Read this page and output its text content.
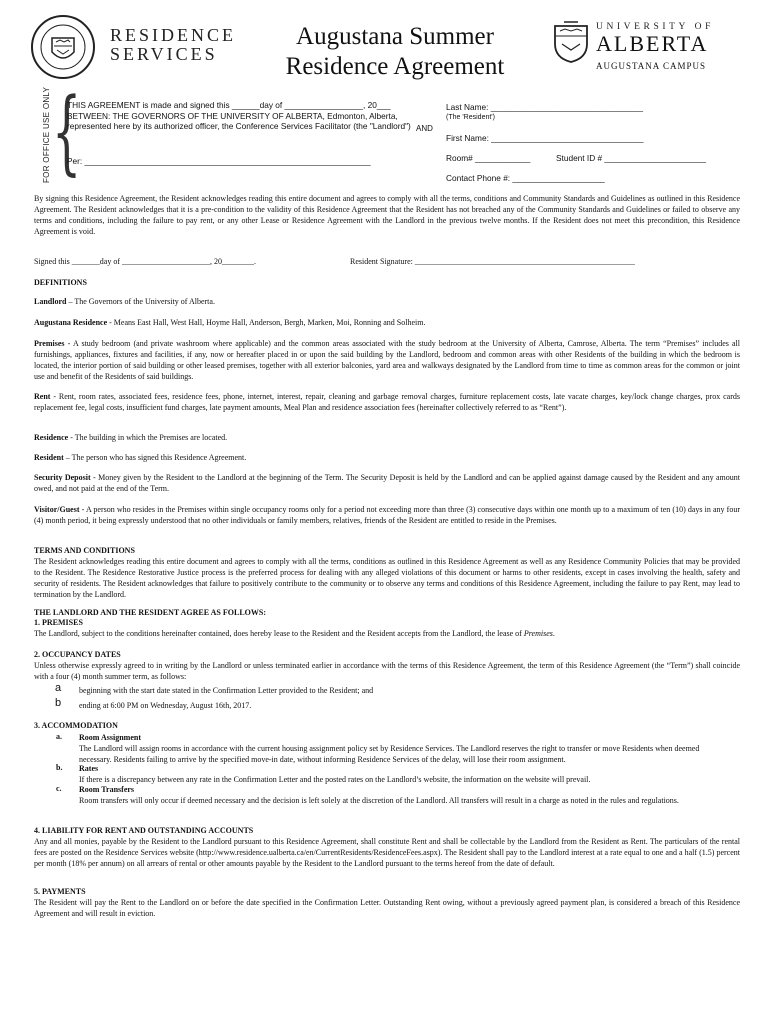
RESIDENCE
SERVICES
Augustana Summer
Residence Agreement
UNIVERSITY OF
ALBERTA
AUGUSTANA CAMPUS
FOR OFFICE USE ONLY {
THIS AGREEMENT is made and signed this ______day of _________________, 20___ BETWEEN: THE GOVERNORS OF THE UNIVERSITY OF ALBERTA, Edmonton, Alberta, represented here by its authorized officer, the Conference Services Facilitator (the "Landlord")
Per: ______________________________________________________________
AND
Last Name: _________________________________
(The 'Resident')
First Name: _________________________________
Room# ____________	Student ID # ______________________
Contact Phone #: ____________________
By signing this Residence Agreement, the Resident acknowledges reading this entire document and agrees to comply with all the terms, conditions and Community Standards and Guidelines as outlined in this Residence Agreement. The Resident acknowledges that it is a pre-condition to the validity of this Residence Agreement that the Resident has not breached any of the Community Standards and Guidelines or failed to observe any terms and conditions, including the failure to pay rent, or any other Lease or Residence Agreement with the Landlord in the previous twelve months. If the Resident does not meet this precondition, this Residence Agreement is void.
Signed this _______day of ______________________, 20________.	Resident Signature: _______________________________________________________
DEFINITIONS
Landlord – The Governors of the University of Alberta.
Augustana Residence - Means East Hall, West Hall, Hoyme Hall, Anderson, Bergh, Marken, Moi, Ronning and Solheim.
Premises - A study bedroom (and private washroom where applicable) and the common areas associated with the study bedroom at the University of Alberta, Camrose, Alberta. The term “Premises” includes all furnishings, appliances, fixtures and facilities, if any, now or hereafter placed in or upon the said building by the Landlord, bedroom and common areas with other Residents of the building in which the bedroom is located, the interior portion of said building or other leased premises, together with all exterior balconies, yard area and walkways designated by the Landlord from time to time as common areas for the common or joint use and benefit of the Residents of said buildings.
Rent - Rent, room rates, associated fees, residence fees, phone, internet, interest, repair, cleaning and garbage removal charges, furniture replacement costs, late vacate charges, key/lock change charges, prox cards replacement fee, legal costs, insufficient fund charges, late payment amounts, Meal Plan and residence association fees (hereinafter collectively referred to as “Rent”).
Residence - The building in which the Premises are located.
Resident – The person who has signed this Residence Agreement.
Security Deposit - Money given by the Resident to the Landlord at the beginning of the Term. The Security Deposit is held by the Landlord and can be applied against damage caused by the Resident and any amount owed, and not paid at the end of the Term.
Visitor/Guest - A person who resides in the Premises within single occupancy rooms only for a period not exceeding more than three (3) consecutive days within one month up to a maximum of ten (10) days in any four (4) month period, it being expressly understood that no other individuals or family members, relatives, friends of the Resident are entitled to reside in the Premises.
TERMS AND CONDITIONS
The Resident acknowledges reading this entire document and agrees to comply with all the terms, conditions as outlined in this Residence Agreement as well as any Residence Community Policies that may be provided to the Resident. The Residence Restorative Justice process is the preferred process for dealing with any alleged violations of this document or harms to other residents, except in cases involving the health, safety and security of residents. The Resident acknowledges that failure to positively contribute to the community or to observe any terms and conditions of this Residence Agreement, including the failure to pay Rent, may lead to termination by the Landlord.
THE LANDLORD AND THE RESIDENT AGREE AS FOLLOWS:
1. PREMISES
The Landlord, subject to the conditions hereinafter contained, does hereby lease to the Resident and the Resident accepts from the Landlord, the lease of Premises.
2. OCCUPANCY DATES
Unless otherwise expressly agreed to in writing by the Landlord or unless terminated earlier in accordance with the terms of this Residence Agreement, the term of this Residence Agreement (the “Term”) shall coincide with a four (4) month summer term, as follows:
a beginning with the start date stated in the Confirmation Letter provided to the Resident; and
b ending at 6:00 PM on Wednesday, August 16th, 2017.
3. ACCOMMODATION
a. Room Assignment
The Landlord will assign rooms in accordance with the current housing assignment policy set by Residence Services. The Landlord reserves the right to transfer or move Residents when deemed necessary. Residents failing to arrive by the specified move-in date, without informing Residence Services of the delay, will lose their room assignment.
b. Rates
If there is a discrepancy between any rate in the Confirmation Letter and the posted rates on the Landlord’s website, the information on the website will prevail.
c. Room Transfers
Room transfers will only occur if deemed necessary and the decision is left solely at the discretion of the Landlord. All transfers will result in a charge as noted in the rules and regulations.
4. LIABILITY FOR RENT AND OUTSTANDING ACCOUNTS
Any and all monies, payable by the Resident to the Landlord pursuant to this Residence Agreement, shall constitute Rent and shall be collectable by the Landlord from the Resident as Rent. The particulars of the rental fees are posted on the Residence Services website (http://www.residence.ualberta.ca/en/CurrentResidents/ResidenceFees.aspx). The Resident shall pay to the Landlord interest at a rate equal to one and a half (1.5) percent per month (18% per annum) on all arrears of rental or other amounts payable by the Resident to the Landlord pursuant to the terms hereof from the date of default.
5. PAYMENTS
The Resident will pay the Rent to the Landlord on or before the date specified in the Confirmation Letter. Outstanding Rent owing, without a previously agreed payment plan, is considered a breach of this Residence Agreement and will result in eviction.
